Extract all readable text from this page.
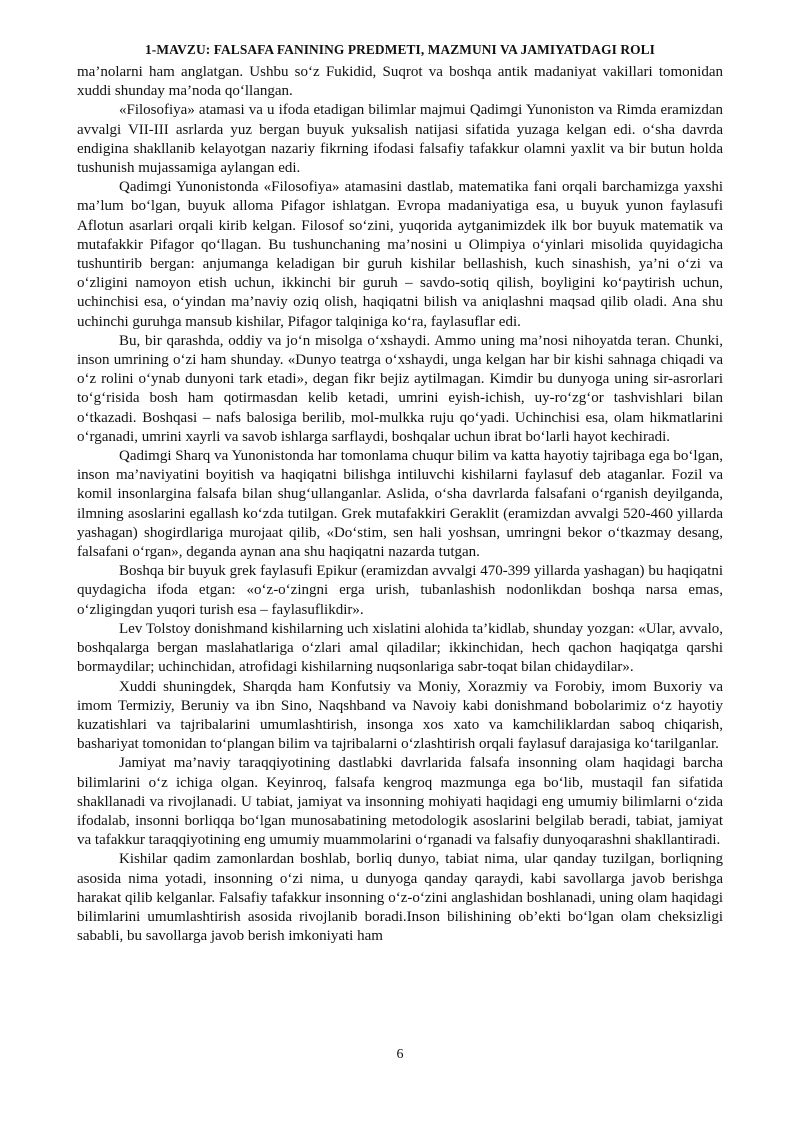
1-MAVZU: FALSAFA FANINING PREDMETI, MAZMUNI VA JAMIYATDAGI ROLI

ma’nolarni ham anglatgan. Ushbu so‘z Fukidid, Suqrot va boshqa antik madaniyat vakillari tomonidan xuddi shunday ma’noda qo‘llangan.

«Filosofiya» atamasi va u ifoda etadigan bilimlar majmui Qadimgi Yunoniston va Rimda eramizdan avvalgi VII-III asrlarda yuz bergan buyuk yuksalish natijasi sifatida yuzaga kelgan edi. o‘sha davrda endigina shakllanib kelayotgan nazariy fikrning ifodasi falsafiy tafakkur olamni yaxlit va bir butun holda tushunish mujassamiga aylangan edi.

Qadimgi Yunonistonda «Filosofiya» atamasini dastlab, matematika fani orqali barchamizga yaxshi ma’lum bo‘lgan, buyuk alloma Pifagor ishlatgan. Evropa madaniyatiga esa, u buyuk yunon faylasufi Aflotun asarlari orqali kirib kelgan. Filosof so‘zini, yuqorida aytganimizdek ilk bor buyuk matematik va mutafakkir Pifagor qo‘llagan. Bu tushunchaning ma’nosini u Olimpiya o‘yinlari misolida quyidagicha tushuntirib bergan: anjumanga keladigan bir guruh kishilar bellashish, kuch sinashish, ya’ni o‘zi va o‘zligini namoyon etish uchun, ikkinchi bir guruh – savdo-sotiq qilish, boyligini ko‘paytirish uchun, uchinchisi esa, o‘yindan ma’naviy oziq olish, haqiqatni bilish va aniqlashni maqsad qilib oladi. Ana shu uchinchi guruhga mansub kishilar, Pifagor talqiniga ko‘ra, faylasuflar edi.

Bu, bir qarashda, oddiy va jo‘n misolga o‘xshaydi. Ammo uning ma’nosi nihoyatda teran. Chunki, inson umrining o‘zi ham shunday. «Dunyo teatrga o‘xshaydi, unga kelgan har bir kishi sahnaga chiqadi va o‘z rolini o‘ynab dunyoni tark etadi», degan fikr bejiz aytilmagan. Kimdir bu dunyoga uning sir-asrorlari to‘g‘risida bosh ham qotirmasdan kelib ketadi, umrini eyish-ichish, uy-ro‘zg‘or tashvishlari bilan o‘tkazadi. Boshqasi – nafs balosiga berilib, mol-mulkka ruju qo‘yadi. Uchinchisi esa, olam hikmatlarini o‘rganadi, umrini xayrli va savob ishlarga sarflaydi, boshqalar uchun ibrat bo‘larli hayot kechiradi.

Qadimgi Sharq va Yunonistonda har tomonlama chuqur bilim va katta hayotiy tajribaga ega bo‘lgan, inson ma’naviyatini boyitish va haqiqatni bilishga intiluvchi kishilarni faylasuf deb ataganlar. Fozil va komil insonlargina falsafa bilan shug‘ullanganlar. Aslida, o‘sha davrlarda falsafani o‘rganish deyilganda, ilmning asoslarini egallash ko‘zda tutilgan. Grek mutafakkiri Geraklit (eramizdan avvalgi 520-460 yillarda yashagan) shogirdlariga murojaat qilib, «Do‘stim, sen hali yoshsan, umringni bekor o‘tkazmay desang, falsafani o‘rgan», deganda aynan ana shu haqiqatni nazarda tutgan.

Boshqa bir buyuk grek faylasufi Epikur (eramizdan avvalgi 470-399 yillarda yashagan) bu haqiqatni quydagicha ifoda etgan: «o‘z-o‘zingni erga urish, tubanlashish nodonlikdan boshqa narsa emas, o‘zligingdan yuqori turish esa – faylasuflikdir».

Lev Tolstoy donishmand kishilarning uch xislatini alohida ta’kidlab, shunday yozgan: «Ular, avvalo, boshqalarga bergan maslahatlariga o‘zlari amal qiladilar; ikkinchidan, hech qachon haqiqatga qarshi bormaydilar; uchinchidan, atrofidagi kishilarning nuqsonlariga sabr-toqat bilan chidaydilar».

Xuddi shuningdek, Sharqda ham Konfutsiy va Moniy, Xorazmiy va Forobiy, imom Buxoriy va imom Termiziy, Beruniy va ibn Sino, Naqshband va Navoiy kabi donishmand bobolarimiz o‘z hayotiy kuzatishlari va tajribalarini umumlashtirish, insonga xos xato va kamchiliklardan saboq chiqarish, bashariyat tomonidan to‘plangan bilim va tajribalarni o‘zlashtirish orqali faylasuf darajasiga ko‘tarilganlar.

Jamiyat ma’naviy taraqqiyotining dastlabki davrlarida falsafa insonning olam haqidagi barcha bilimlarini o‘z ichiga olgan. Keyinroq, falsafa kengroq mazmunga ega bo‘lib, mustaqil fan sifatida shakllanadi va rivojlanadi. U tabiat, jamiyat va insonning mohiyati haqidagi eng umumiy bilimlarni o‘zida ifodalab, insonni borliqqa bo‘lgan munosabatining metodologik asoslarini belgilab beradi, tabiat, jamiyat va tafakkur taraqqiyotining eng umumiy muammolarini o‘rganadi va falsafiy dunyoqarashni shakllantiradi.

Kishilar qadim zamonlardan boshlab, borliq dunyo, tabiat nima, ular qanday tuzilgan, borliqning asosida nima yotadi, insonning o‘zi nima, u dunyoga qanday qaraydi, kabi savollarga javob berishga harakat qilib kelganlar. Falsafiy tafakkur insonning o‘z-o‘zini anglashidan boshlanadi, uning olam haqidagi bilimlarini umumlashtirish asosida rivojlanib boradi.Inson bilishining ob’ekti bo‘lgan olam cheksizligi sababli, bu savollarga javob berish imkoniyati ham

6
